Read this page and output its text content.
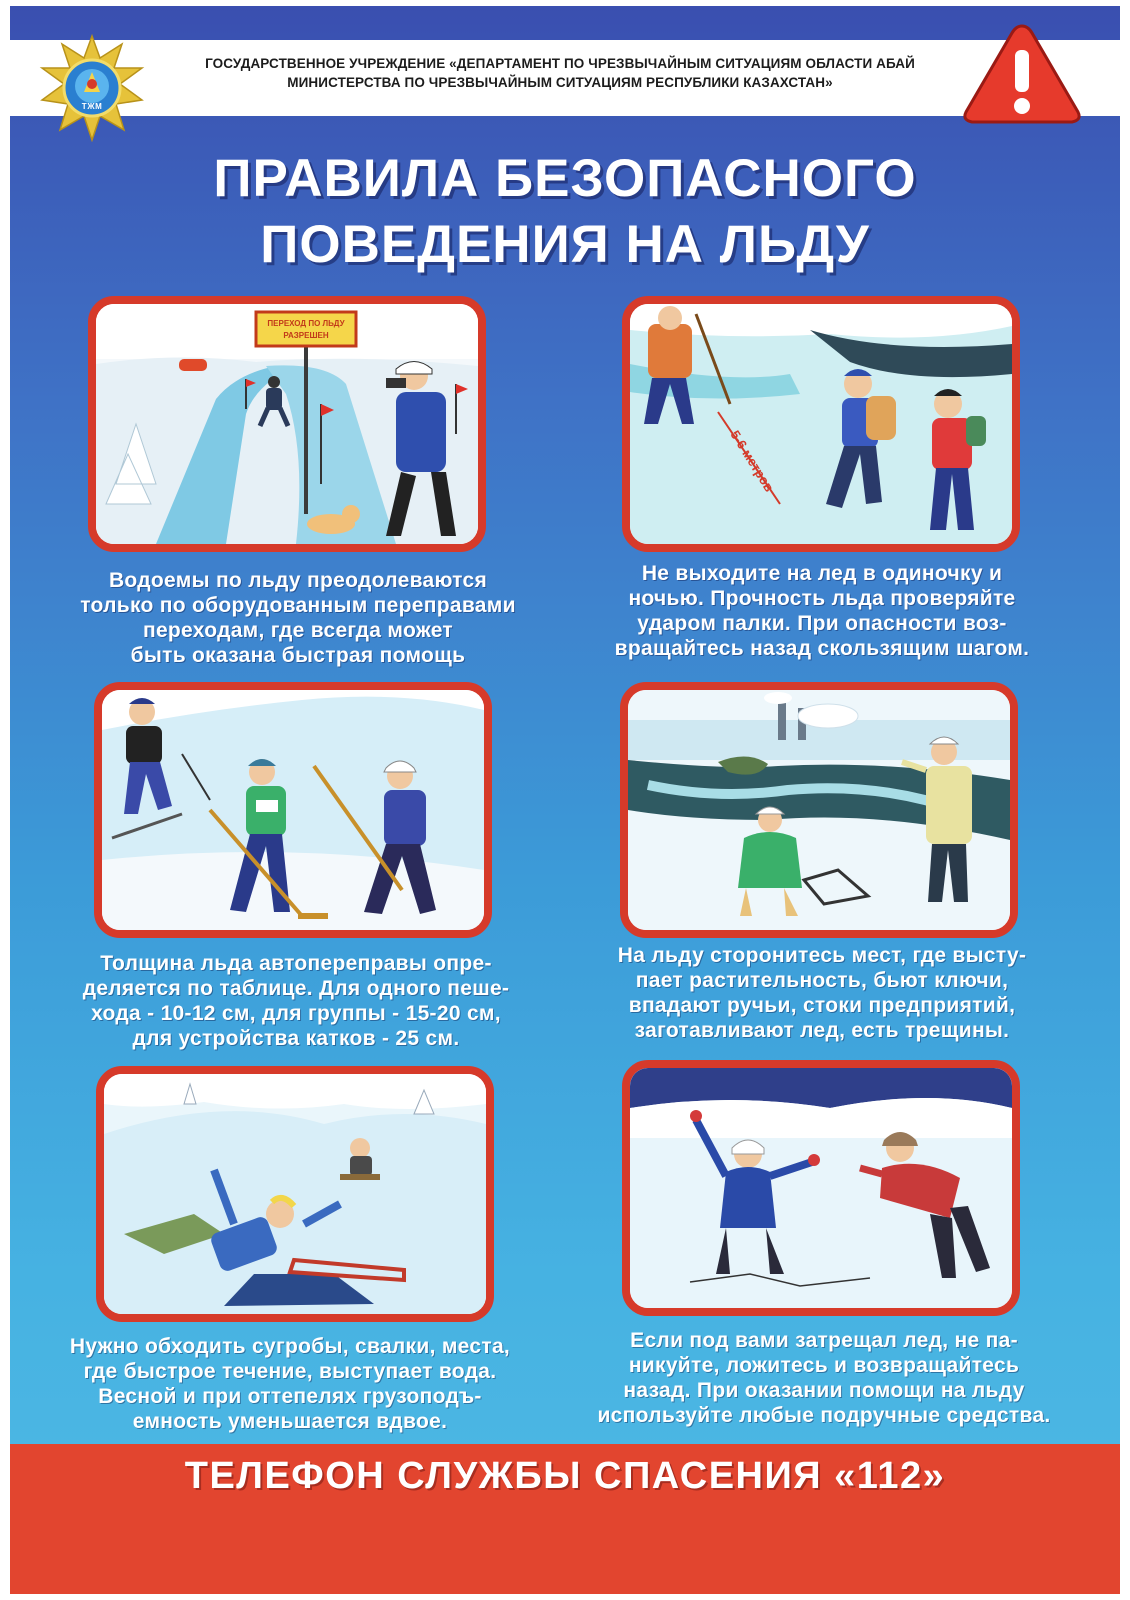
ТЖМ
ГОСУДАРСТВЕННОЕ УЧРЕЖДЕНИЕ «ДЕПАРТАМЕНТ ПО ЧРЕЗВЫЧАЙНЫМ СИТУАЦИЯМ ОБЛАСТИ АБАЙ
МИНИСТЕРСТВА ПО ЧРЕЗВЫЧАЙНЫМ СИТУАЦИЯМ РЕСПУБЛИКИ КАЗАХСТАН»
ПРАВИЛА БЕЗОПАСНОГО
ПОВЕДЕНИЯ НА ЛЬДУ
ПЕРЕХОД ПО ЛЬДУ
РАЗРЕШЕН
Водоемы по льду преодолеваются
только по оборудованным переправами
переходам, где всегда может
быть оказана быстрая помощь
Не выходите на лед в одиночку и
ночью. Прочность льда проверяйте
ударом палки. При опасности воз-
вращайтесь назад скользящим шагом.
Толщина льда автопереправы опре-
деляется по таблице. Для одного пеше-
хода - 10-12 см, для группы - 15-20 см,
для устройства катков - 25 см.
На льду сторонитесь мест, где высту-
пает растительность, бьют ключи,
впадают ручьи, стоки предприятий,
заготавливают лед, есть трещины.
Нужно обходить сугробы, свалки, места,
где быстрое течение, выступает вода.
Весной и при оттепелях грузоподъ-
емность уменьшается вдвое.
Если под вами затрещал лед, не па-
никуйте, ложитесь и возвращайтесь
назад. При оказании помощи на льду
используйте любые подручные средства.
ТЕЛЕФОН СЛУЖБЫ СПАСЕНИЯ «112»
